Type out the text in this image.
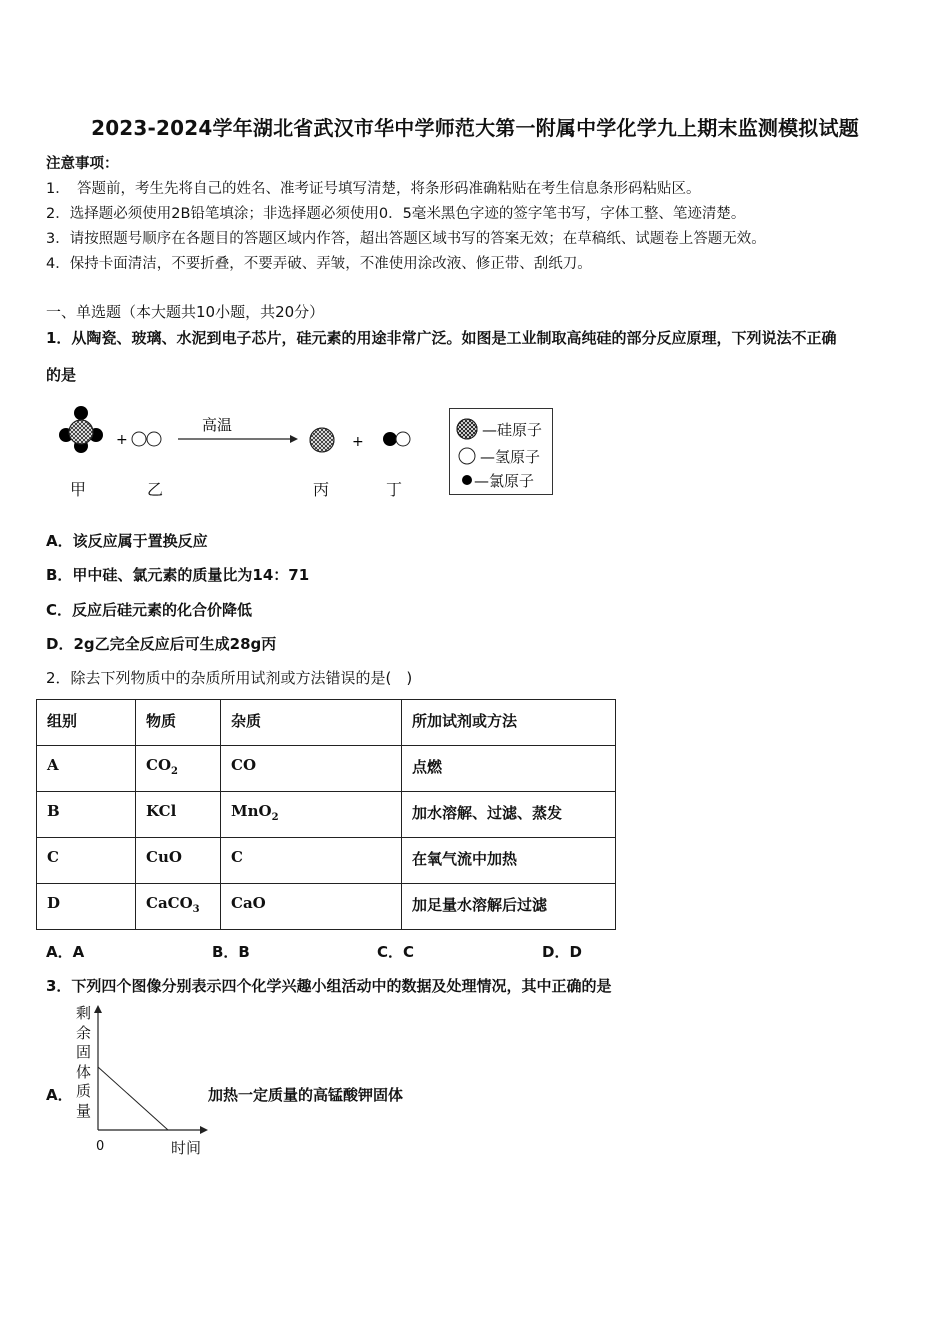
2023-2024学年湖北省武汉市华中学师范大第一附属中学化学九上期末监测模拟试题
注意事项：
1．　答题前，考生先将自己的姓名、准考证号填写清楚，将条形码准确粘贴在考生信息条形码粘贴区。
2．选择题必须使用2B铅笔填涂；非选择题必须使用0．5毫米黑色字迹的签字笔书写，字体工整、笔迹清楚。
3．请按照题号顺序在各题目的答题区域内作答，超出答题区域书写的答案无效；在草稿纸、试题卷上答题无效。
4．保持卡面清洁，不要折叠，不要弄破、弄皱，不准使用涂改液、修正带、刮纸刀。
一、单选题（本大题共10小题，共20分）
1．从陶瓷、玻璃、水泥到电子芯片，硅元素的用途非常广泛。如图是工业制取高纯硅的部分反应原理，下列说法不正确
的是
+
高温
+
甲	乙	丙	丁
—硅原子
—氢原子
—氯原子
A．该反应属于置换反应
B．甲中硅、氯元素的质量比为14：71
C．反应后硅元素的化合价降低
D．2g乙完全反应后可生成28g丙
2．除去下列物质中的杂质所用试剂或方法错误的是(　)
组别	物质	杂质	所加试剂或方法
A	$CO_2$	CO	点燃
B	KCl	MnO$_2$	加水溶解、过滤、蒸发
C	CuO	C	在氧气流中加热
D	CaCO$_3$	CaO	加足量水溶解后过滤
A．A	B．B	C．C	D．D
3．下列四个图像分别表示四个化学兴趣小组活动中的数据及处理情况，其中正确的是
A．
剩
余
固
体
质
量
0	时间
加热一定质量的高锰酸钾固体
